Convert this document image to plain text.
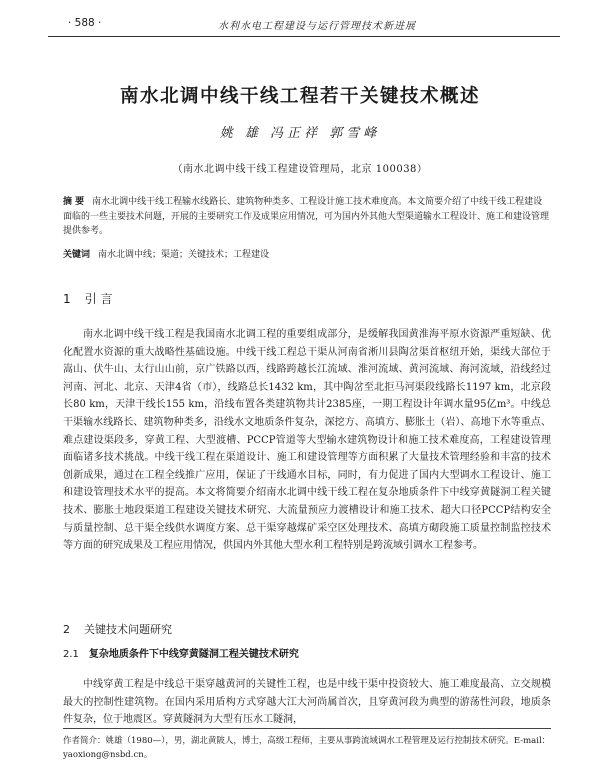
· 588 ·	水利水电工程建设与运行管理技术新进展
南水北调中线干线工程若干关键技术概述
姚 雄 冯正祥 郭雪峰
（南水北调中线干线工程建设管理局，北京 100038）
摘 要 南水北调中线干线工程输水线路长、建筑物种类多、工程设计施工技术难度高。本文简要介绍了中线干线工程建设面临的一些主要技术问题，开展的主要研究工作及成果应用情况，可为国内外其他大型渠道输水工程设计、施工和建设管理提供参考。
关键词 南水北调中线；渠道；关键技术；工程建设
1 引 言

南水北调中线干线工程是我国南水北调工程的重要组成部分，是缓解我国黄淮海平原水资源严重短缺、优化配置水资源的重大战略性基础设施。中线干线工程总干渠从河南省淅川县陶岔渠首枢纽开始，渠线大部位于嵩山、伏牛山、太行山山前，京广铁路以西，线路跨越长江流域、淮河流域、黄河流域、海河流域，沿线经过河南、河北、北京、天津4省（市），线路总长1432 km，其中陶岔至北拒马河渠段线路长1197 km，北京段长80 km，天津干线长155 km，沿线布置各类建筑物共计2385座，一期工程设计年调水量95亿m³。中线总干渠输水线路长、建筑物种类多，沿线水文地质条件复杂，深挖方、高填方、膨胀土（岩）、高地下水等重点、难点建设渠段多，穿黄工程、大型渡槽、PCCP管道等大型输水建筑物设计和施工技术难度高，工程建设管理面临诸多技术挑战。中线干线工程在渠道设计、施工和建设管理等方面积累了大量技术管理经验和丰富的技术创新成果，通过在工程全线推广应用，保证了干线通水目标，同时，有力促进了国内大型调水工程设计、施工和建设管理技术水平的提高。本文将简要介绍南水北调中线干线工程在复杂地质条件下中线穿黄隧洞工程关键技术、膨胀土地段渠道工程建设关键技术研究、大流量预应力渡槽设计和施工技术、超大口径PCCP结构安全与质量控制、总干渠全线供水调度方案、总干渠穿越煤矿采空区处理技术、高填方砌段施工质量控制监控技术等方面的研究成果及工程应用情况，供国内外其他大型水利工程特别是跨流域引调水工程参考。

2 关键技术问题研究
2.1 复杂地质条件下中线穿黄隧洞工程关键技术研究

中线穿黄工程是中线总干渠穿越黄河的关键性工程，也是中线干渠中投资较大、施工难度最高、立交规模最大的控制性建筑物。在国内采用盾构方式穿越大江大河尚属首次，且穿黄河段为典型的游荡性河段，地质条件复杂，位于地震区。穿黄隧洞为大型有压水工隧洞，

作者简介：姚雄（1980—），男，湖北黄陂人，博士，高级工程师，主要从事跨流域调水工程管理及运行控制技术研究。E-mail：yaoxiong@nsbd.cn。
